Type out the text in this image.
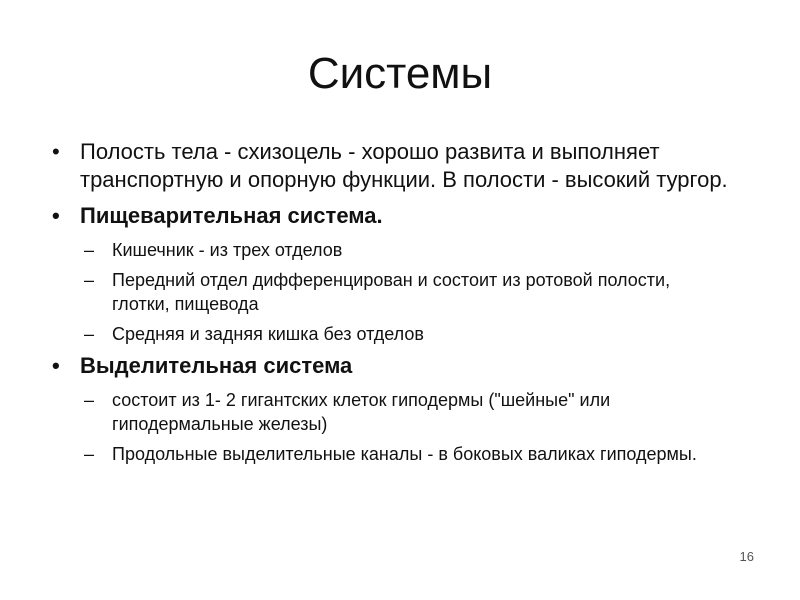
Системы

• Полость тела - схизоцель - хорошо развита и выполняет транспортную и опорную функции. В полости - высокий тургор.

• Пищеварительная система.

– Кишечник - из трех отделов

– Передний отдел дифференцирован и состоит из ротовой полости, глотки, пищевода

– Средняя и задняя кишка без отделов

• Выделительная система

– состоит из 1- 2 гигантских клеток гиподермы ("шейные" или гиподермальные железы)

– Продольные выделительные каналы - в боковых валиках гиподермы.

16
